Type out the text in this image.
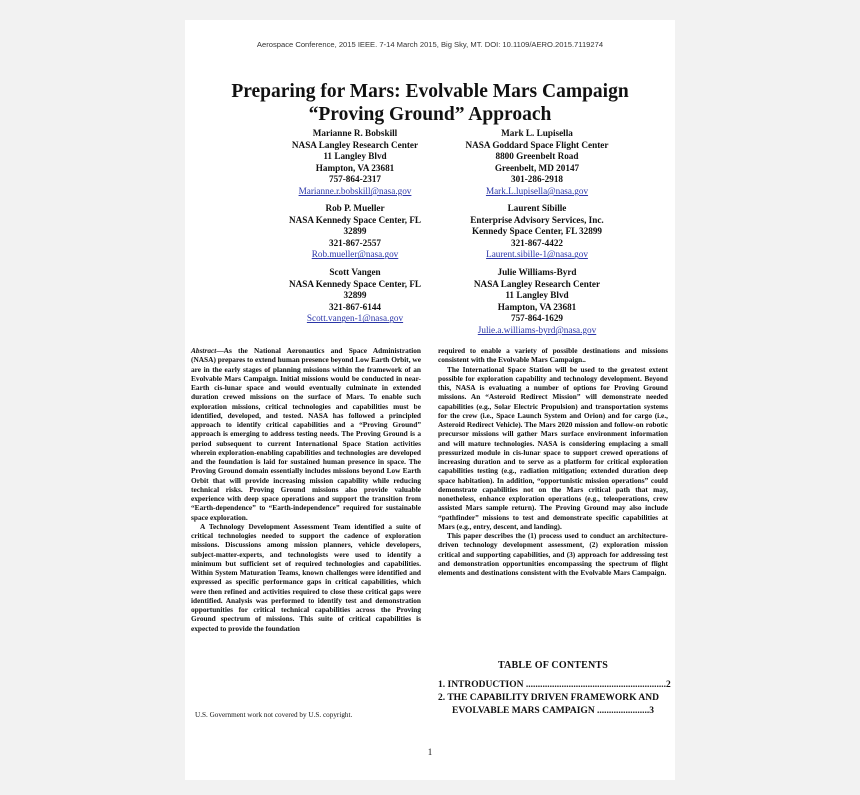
Aerospace Conference, 2015 IEEE. 7-14 March 2015, Big Sky, MT. DOI: 10.1109/AERO.2015.7119274
Preparing for Mars: Evolvable Mars Campaign
“Proving Ground” Approach
Marianne R. Bobskill
NASA Langley Research Center
11 Langley Blvd
Hampton, VA 23681
757-864-2317
Marianne.r.bobskill@nasa.gov
Mark L. Lupisella
NASA Goddard Space Flight Center
8800 Greenbelt Road
Greenbelt, MD 20147
301-286-2918
Mark.L.lupisella@nasa.gov
Rob P. Mueller
NASA Kennedy Space Center, FL
32899
321-867-2557
Rob.mueller@nasa.gov
Laurent Sibille
Enterprise Advisory Services, Inc.
Kennedy Space Center, FL 32899
321-867-4422
Laurent.sibille-1@nasa.gov
Scott Vangen
NASA Kennedy Space Center, FL
32899
321-867-6144
Scott.vangen-1@nasa.gov
Julie Williams-Byrd
NASA Langley Research Center
11 Langley Blvd
Hampton, VA 23681
757-864-1629
Julie.a.williams-byrd@nasa.gov

Abstract—As the National Aeronautics and Space Administration (NASA) prepares to extend human presence beyond Low Earth Orbit, we are in the early stages of planning missions within the framework of an Evolvable Mars Campaign. Initial missions would be conducted in near-Earth cis-lunar space and would eventually culminate in extended duration crewed missions on the surface of Mars. To enable such exploration missions, critical technologies and capabilities must be identified, developed, and tested. NASA has followed a principled approach to identify critical capabilities and a “Proving Ground” approach is emerging to address testing needs. The Proving Ground is a period subsequent to current International Space Station activities wherein exploration-enabling capabilities and technologies are developed and the foundation is laid for sustained human presence in space. The Proving Ground domain essentially includes missions beyond Low Earth Orbit that will provide increasing mission capability while reducing technical risks. Proving Ground missions also provide valuable experience with deep space operations and support the transition from “Earth-dependence” to “Earth-independence” required for sustainable space exploration.

A Technology Development Assessment Team identified a suite of critical technologies needed to support the cadence of exploration missions. Discussions among mission planners, vehicle developers, subject-matter-experts, and technologists were used to identify a minimum but sufficient set of required technologies and capabilities. Within System Maturation Teams, known challenges were identified and expressed as specific performance gaps in critical capabilities, which were then refined and activities required to close these critical gaps were identified. Analysis was performed to identify test and demonstration opportunities for critical technical capabilities across the Proving Ground spectrum of missions. This suite of critical capabilities is expected to provide the foundation

U.S. Government work not covered by U.S. copyright.

required to enable a variety of possible destinations and missions consistent with the Evolvable Mars Campaign..

The International Space Station will be used to the greatest extent possible for exploration capability and technology development. Beyond this, NASA is evaluating a number of options for Proving Ground missions. An “Asteroid Redirect Mission” will demonstrate needed capabilities (e.g., Solar Electric Propulsion) and transportation systems for the crew (i.e., Space Launch System and Orion) and for cargo (i.e., Asteroid Redirect Vehicle). The Mars 2020 mission and follow-on robotic precursor missions will gather Mars surface environment information and will mature technologies. NASA is considering emplacing a small pressurized module in cis-lunar space to support crewed operations of increasing duration and to serve as a platform for critical exploration capabilities testing (e.g., radiation mitigation; extended duration deep space habitation). In addition, “opportunistic mission operations” could demonstrate capabilities not on the Mars critical path that may, nonetheless, enhance exploration operations (e.g., teleoperations, crew assisted Mars sample return). The Proving Ground may also include “pathfinder” missions to test and demonstrate specific capabilities at Mars (e.g., entry, descent, and landing).

This paper describes the (1) process used to conduct an architecture-driven technology development assessment, (2) exploration mission critical and supporting capabilities, and (3) approach for addressing test and demonstration opportunities encompassing the spectrum of flight elements and destinations consistent with the Evolvable Mars Campaign.

TABLE OF CONTENTS
1. INTRODUCTION ...........................................................2
2. THE CAPABILITY DRIVEN FRAMEWORK AND
EVOLVABLE MARS CAMPAIGN ......................3
1
